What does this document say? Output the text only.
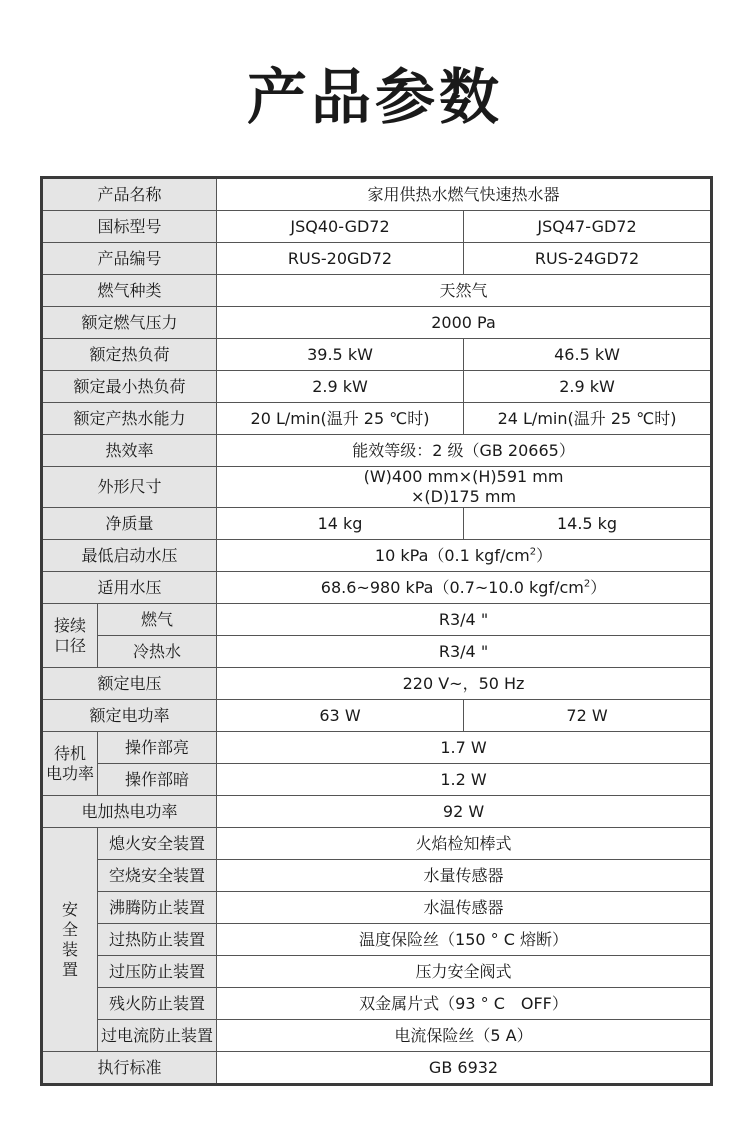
产品参数
产品名称		家用供热水燃气快速热水器	
国标型号		JSQ40-GD72	JSQ47-GD72
产品编号		RUS-20GD72	RUS-24GD72
燃气种类		天然气	
额定燃气压力		2000 Pa	
额定热负荷		39.5 kW	46.5 kW
额定最小热负荷		2.9 kW	2.9 kW
额定产热水能力		20 L/min(温升 25 ℃时)	24 L/min(温升 25 ℃时)
热效率		能效等级：2 级（GB 20665）	
外形尺寸		(W)400 mm×(H)591 mm
×(D)175 mm	

净质量		14 kg	14.5 kg
最低启动水压		10 kPa（0.1 kgf/$cm^2$）	
适用水压		68.6~980 kPa（0.7~10.0 kgf/$cm^2$）	

接续
口径	燃气	R3/4 "	
	冷热水	R3/4 "	
额定电压		220 V~，50 Hz	
额定电功率		63 W	72 W

待机
电功率	操作部亮	1.7 W	
	操作部暗	1.2 W	
电加热电功率		92 W	

安
全
装
置	熄火安全装置	火焰检知棒式	
	空烧安全装置	水量传感器	
	沸腾防止装置	水温传感器	
	过热防止装置	温度保险丝（150 ° C 熔断）	
	过压防止装置	压力安全阀式	
	残火防止装置	双金属片式（93 ° C　OFF）	
	过电流防止装置	电流保险丝（5 A）	
执行标准		GB 6932	
